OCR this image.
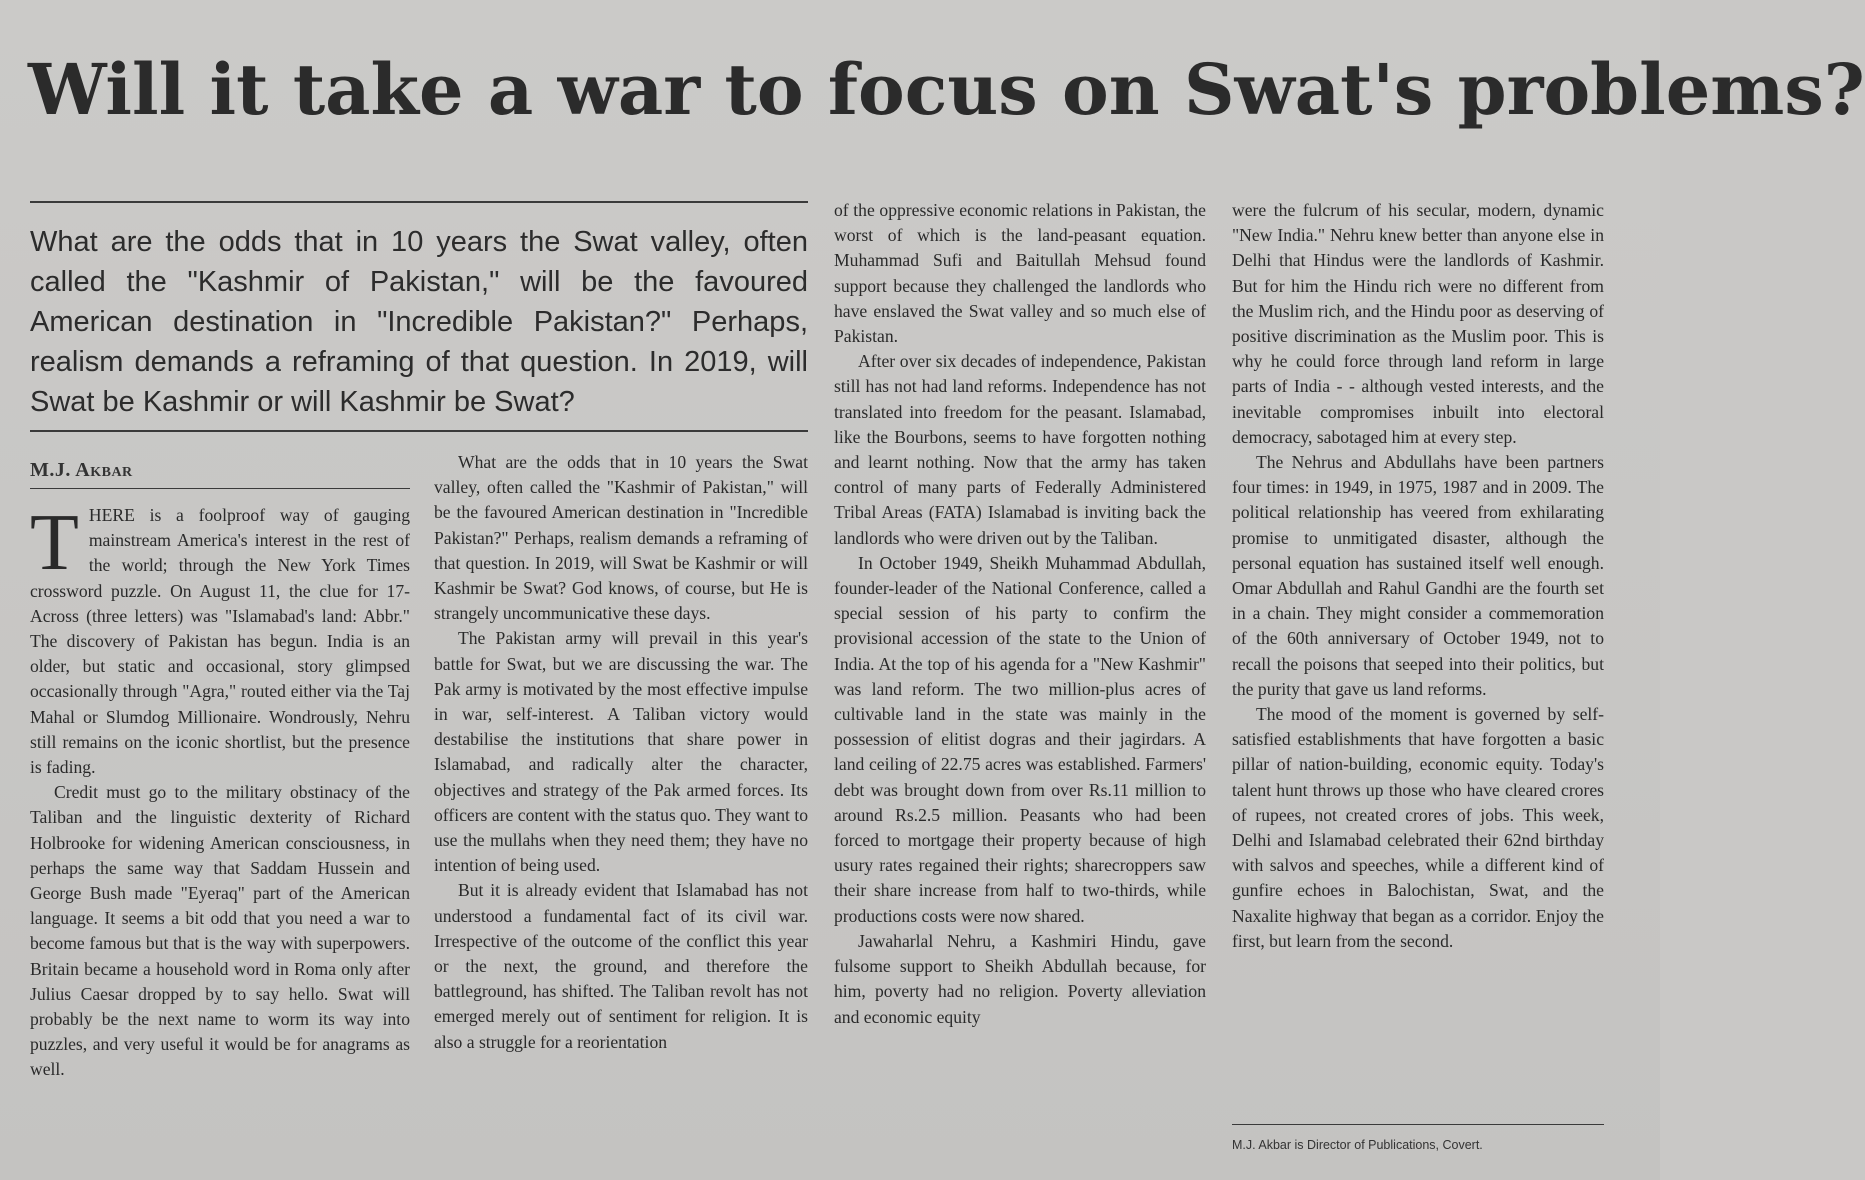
Will it take a war to focus on Swat's problems?

What are the odds that in 10 years the Swat valley, often called the "Kashmir of Pakistan," will be the favoured American destination in "Incredible Pakistan?" Perhaps, realism demands a reframing of that question. In 2019, will Swat be Kashmir or will Kashmir be Swat?

M.J. Akbar

THERE is a foolproof way of gauging mainstream America's interest in the rest of the world; through the New York Times crossword puzzle. On August 11, the clue for 17-Across (three letters) was "Islamabad's land: Abbr." The discovery of Pakistan has begun. India is an older, but static and occasional, story glimpsed occasionally through "Agra," routed either via the Taj Mahal or Slumdog Millionaire. Wondrously, Nehru still remains on the iconic shortlist, but the presence is fading.

Credit must go to the military obstinacy of the Taliban and the linguistic dexterity of Richard Holbrooke for widening American consciousness, in perhaps the same way that Saddam Hussein and George Bush made "Eyeraq" part of the American language. It seems a bit odd that you need a war to become famous but that is the way with superpowers. Britain became a household word in Roma only after Julius Caesar dropped by to say hello. Swat will probably be the next name to worm its way into puzzles, and very useful it would be for anagrams as well.

What are the odds that in 10 years the Swat valley, often called the "Kashmir of Pakistan," will be the favoured American destination in "Incredible Pakistan?" Perhaps, realism demands a reframing of that question. In 2019, will Swat be Kashmir or will Kashmir be Swat? God knows, of course, but He is strangely uncommunicative these days.

The Pakistan army will prevail in this year's battle for Swat, but we are discussing the war. The Pak army is motivated by the most effective impulse in war, self-interest. A Taliban victory would destabilise the institutions that share power in Islamabad, and radically alter the character, objectives and strategy of the Pak armed forces. Its officers are content with the status quo. They want to use the mullahs when they need them; they have no intention of being used.

But it is already evident that Islamabad has not understood a fundamental fact of its civil war. Irrespective of the outcome of the conflict this year or the next, the ground, and therefore the battleground, has shifted. The Taliban revolt has not emerged merely out of sentiment for religion. It is also a struggle for a reorientation

of the oppressive economic relations in Pakistan, the worst of which is the land-peasant equation. Muhammad Sufi and Baitullah Mehsud found support because they challenged the landlords who have enslaved the Swat valley and so much else of Pakistan.

After over six decades of independence, Pakistan still has not had land reforms. Independence has not translated into freedom for the peasant. Islamabad, like the Bourbons, seems to have forgotten nothing and learnt nothing. Now that the army has taken control of many parts of Federally Administered Tribal Areas (FATA) Islamabad is inviting back the landlords who were driven out by the Taliban.

In October 1949, Sheikh Muhammad Abdullah, founder-leader of the National Conference, called a special session of his party to confirm the provisional accession of the state to the Union of India. At the top of his agenda for a "New Kashmir" was land reform. The two million-plus acres of cultivable land in the state was mainly in the possession of elitist dogras and their jagirdars. A land ceiling of 22.75 acres was established. Farmers' debt was brought down from over Rs.11 million to around Rs.2.5 million. Peasants who had been forced to mortgage their property because of high usury rates regained their rights; sharecroppers saw their share increase from half to two-thirds, while productions costs were now shared.

Jawaharlal Nehru, a Kashmiri Hindu, gave fulsome support to Sheikh Abdullah because, for him, poverty had no religion. Poverty alleviation and economic equity

were the fulcrum of his secular, modern, dynamic "New India." Nehru knew better than anyone else in Delhi that Hindus were the landlords of Kashmir. But for him the Hindu rich were no different from the Muslim rich, and the Hindu poor as deserving of positive discrimination as the Muslim poor. This is why he could force through land reform in large parts of India - - although vested interests, and the inevitable compromises inbuilt into electoral democracy, sabotaged him at every step.

The Nehrus and Abdullahs have been partners four times: in 1949, in 1975, 1987 and in 2009. The political relationship has veered from exhilarating promise to unmitigated disaster, although the personal equation has sustained itself well enough. Omar Abdullah and Rahul Gandhi are the fourth set in a chain. They might consider a commemoration of the 60th anniversary of October 1949, not to recall the poisons that seeped into their politics, but the purity that gave us land reforms.

The mood of the moment is governed by self-satisfied establishments that have forgotten a basic pillar of nation-building, economic equity. Today's talent hunt throws up those who have cleared crores of rupees, not created crores of jobs. This week, Delhi and Islamabad celebrated their 62nd birthday with salvos and speeches, while a different kind of gunfire echoes in Balochistan, Swat, and the Naxalite highway that began as a corridor. Enjoy the first, but learn from the second.

M.J. Akbar is Director of Publications, Covert.
